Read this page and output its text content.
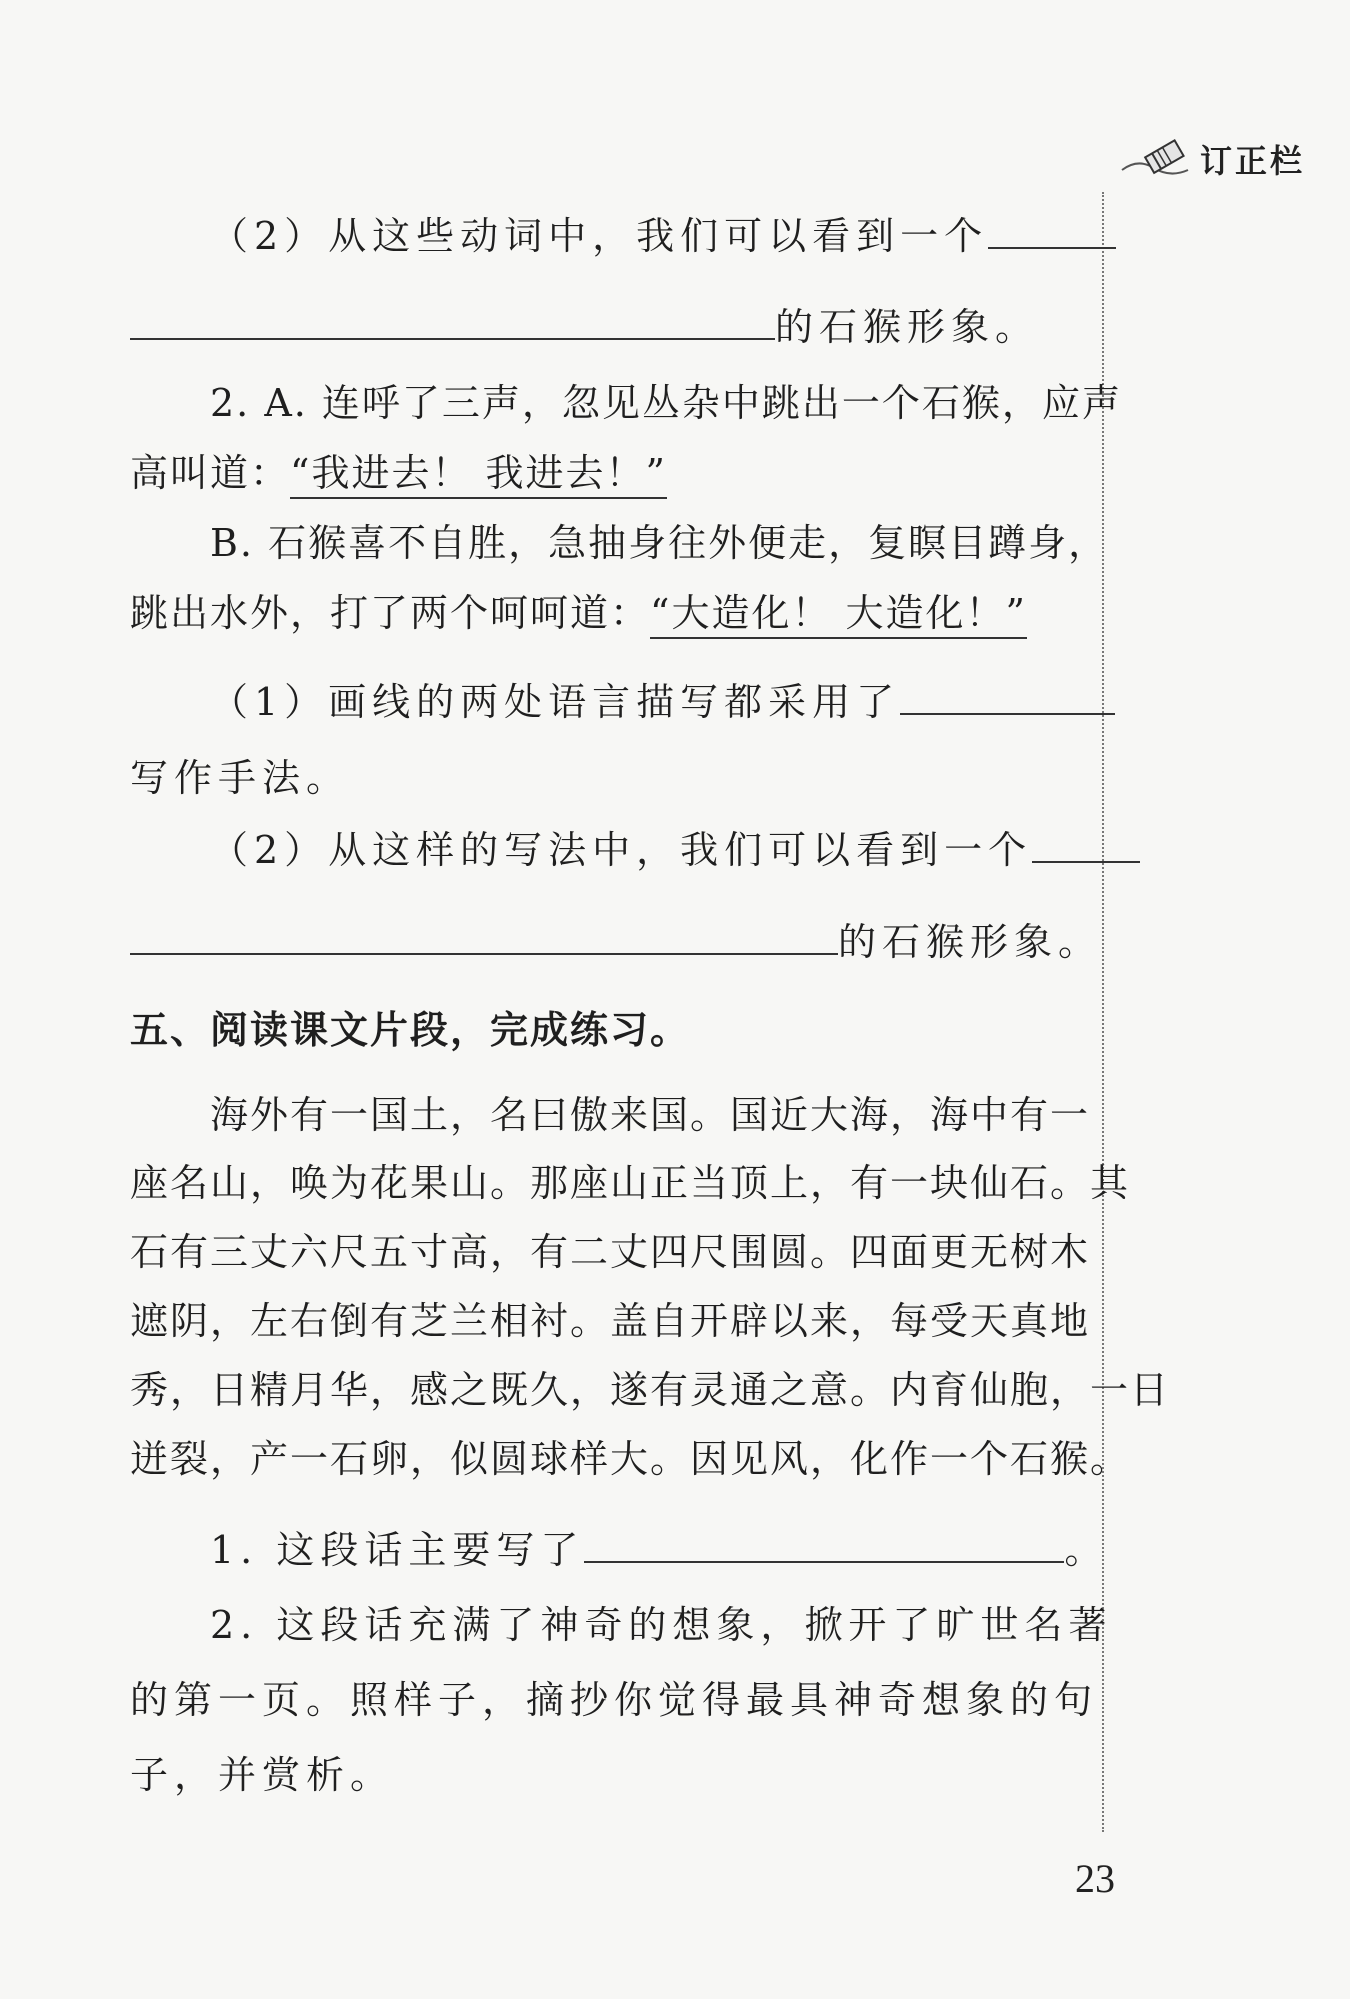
订正栏
（2）从这些动词中，我们可以看到一个
的石猴形象。
2. A. 连呼了三声，忽见丛杂中跳出一个石猴，应声
高叫道：“我进去！ 我进去！”
B. 石猴喜不自胜，急抽身往外便走，复瞑目蹲身，
跳出水外，打了两个呵呵道：“大造化！ 大造化！”
（1）画线的两处语言描写都采用了
写作手法。
（2）从这样的写法中，我们可以看到一个
的石猴形象。
五、阅读课文片段，完成练习。
海外有一国土，名曰傲来国。国近大海，海中有一
座名山，唤为花果山。那座山正当顶上，有一块仙石。其
石有三丈六尺五寸高，有二丈四尺围圆。四面更无树木
遮阴，左右倒有芝兰相衬。盖自开辟以来，每受天真地
秀，日精月华，感之既久，遂有灵通之意。内育仙胞，一日
迸裂，产一石卵，似圆球样大。因见风，化作一个石猴。
1. 这段话主要写了	。
2. 这段话充满了神奇的想象，掀开了旷世名著
的第一页。照样子，摘抄你觉得最具神奇想象的句
子，并赏析。
23
